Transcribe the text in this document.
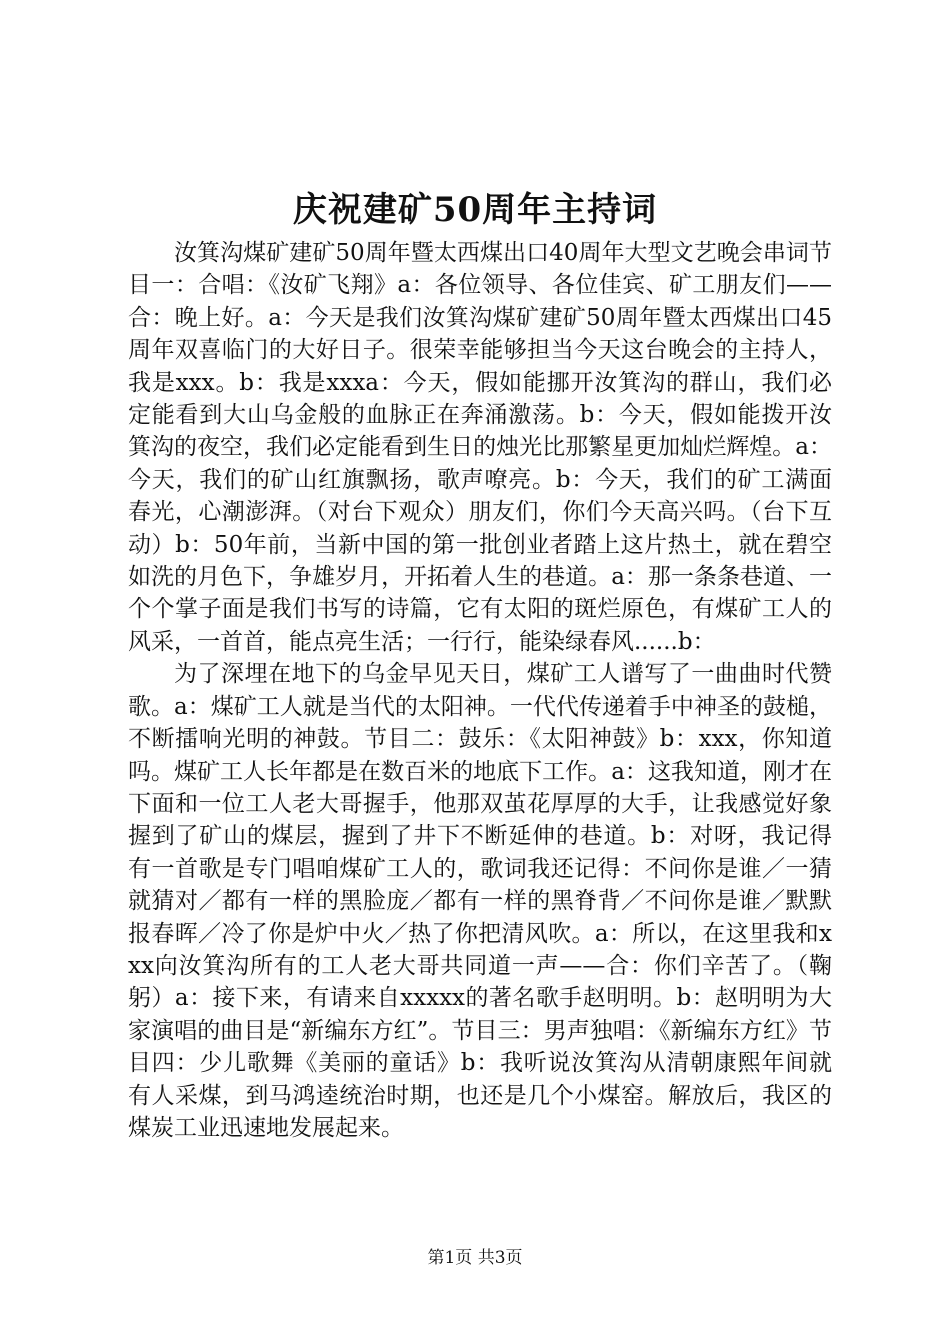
庆祝建矿50周年主持词

汝箕沟煤矿建矿50周年暨太西煤出口40周年大型文艺晚会串词节目一：合唱：《汝矿飞翔》a：各位领导、各位佳宾、矿工朋友们——合：晚上好。a：今天是我们汝箕沟煤矿建矿50周年暨太西煤出口45周年双喜临门的大好日子。很荣幸能够担当今天这台晚会的主持人，我是xxx。b：我是xxxa：今天，假如能挪开汝箕沟的群山，我们必定能看到大山乌金般的血脉正在奔涌激荡。b：今天，假如能拨开汝箕沟的夜空，我们必定能看到生日的烛光比那繁星更加灿烂辉煌。a：今天，我们的矿山红旗飘扬，歌声嘹亮。b：今天，我们的矿工满面春光，心潮澎湃。（对台下观众）朋友们，你们今天高兴吗。（台下互动）b：50年前，当新中国的第一批创业者踏上这片热土，就在碧空如洗的月色下，争雄岁月，开拓着人生的巷道。a：那一条条巷道、一个个掌子面是我们书写的诗篇，它有太阳的斑烂原色，有煤矿工人的风采，一首首，能点亮生活；一行行，能染绿春风......b：

为了深埋在地下的乌金早见天日，煤矿工人谱写了一曲曲时代赞歌。a：煤矿工人就是当代的太阳神。一代代传递着手中神圣的鼓槌，不断擂响光明的神鼓。节目二：鼓乐：《太阳神鼓》b：xxx，你知道吗。煤矿工人长年都是在数百米的地底下工作。a：这我知道，刚才在下面和一位工人老大哥握手，他那双茧花厚厚的大手，让我感觉好象握到了矿山的煤层，握到了井下不断延伸的巷道。b：对呀，我记得有一首歌是专门唱咱煤矿工人的，歌词我还记得：不问你是谁／一猜就猜对／都有一样的黑脸庞／都有一样的黑脊背／不问你是谁／默默报春晖／冷了你是炉中火／热了你把清风吹。a：所以，在这里我和xxx向汝箕沟所有的工人老大哥共同道一声——合：你们辛苦了。（鞠躬）a：接下来，有请来自xxxxx的著名歌手赵明明。b：赵明明为大家演唱的曲目是“新编东方红”。节目三：男声独唱：《新编东方红》节目四：少儿歌舞《美丽的童话》b：我听说汝箕沟从清朝康熙年间就有人采煤，到马鸿逵统治时期，也还是几个小煤窑。解放后，我区的煤炭工业迅速地发展起来。

第1页 共3页
